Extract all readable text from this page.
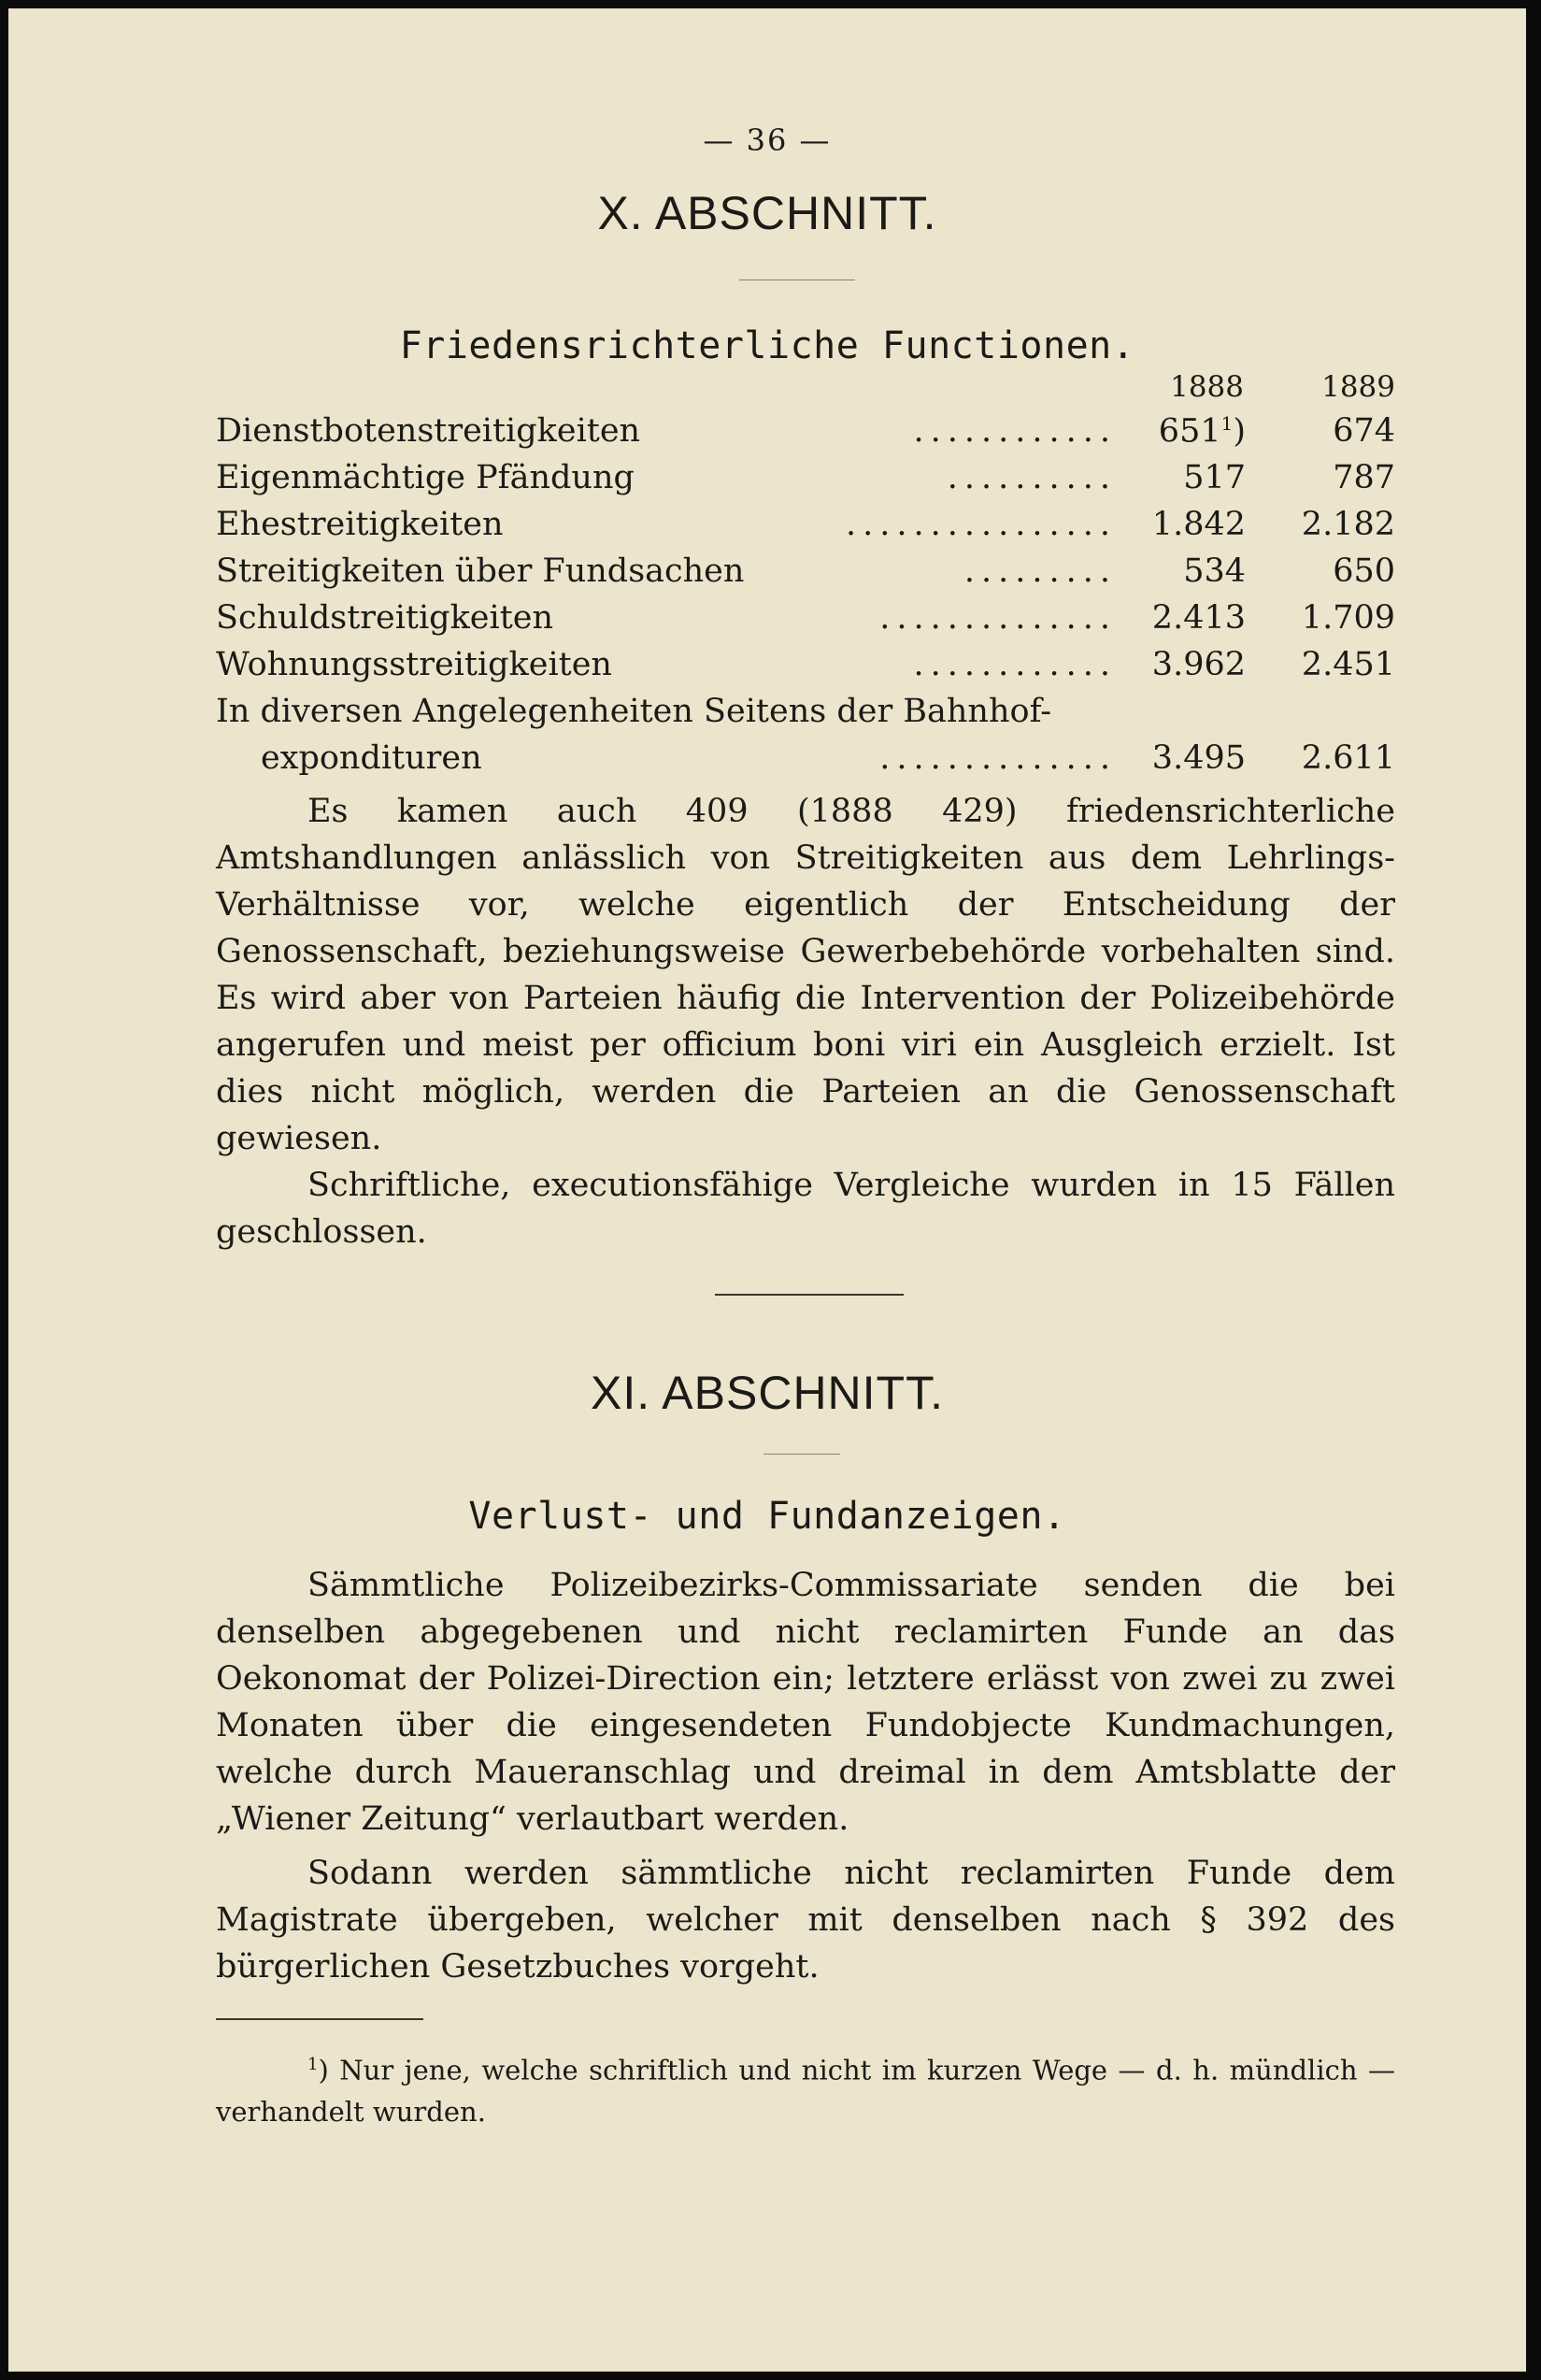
— 36 —
X. ABSCHNITT.
Friedensrichterliche Functionen.
1888	1889
Dienstbotenstreitigkeiten	............ $651^1$)	674
Eigenmächtige Pfändung	.......... 517	787
Ehestreitigkeiten	................ 1.842 2.182
Streitigkeiten über Fundsachen	......... 534	650
Schuldstreitigkeiten	.............. 2.413 1.709
Wohnungsstreitigkeiten	............ 3.962 2.451
In diversen Angelegenheiten Seitens der Bahnhof-
expondituren	.............. 3.495 2.611
Es kamen auch 409 (1888 429) friedensrichterliche Amtshandlungen anlässlich von Streitigkeiten aus dem Lehrlings-Verhältnisse vor, welche eigentlich der Entscheidung der Genossenschaft, beziehungsweise Gewerbebehörde vorbehalten sind. Es wird aber von Parteien häufig die Intervention der Polizeibehörde angerufen und meist per officium boni viri ein Ausgleich erzielt. Ist dies nicht möglich, werden die Parteien an die Genossenschaft gewiesen.
Schriftliche, executionsfähige Vergleiche wurden in 15 Fällen geschlossen.
XI. ABSCHNITT.
Verlust- und Fundanzeigen.
Sämmtliche Polizeibezirks-Commissariate senden die bei denselben abgegebenen und nicht reclamirten Funde an das Oekonomat der Polizei-Direction ein; letztere erlässt von zwei zu zwei Monaten über die eingesendeten Fundobjecte Kundmachungen, welche durch Maueranschlag und dreimal in dem Amtsblatte der „Wiener Zeitung“ verlautbart werden.
Sodann werden sämmtliche nicht reclamirten Funde dem Magistrate übergeben, welcher mit denselben nach § 392 des bürgerlichen Gesetzbuches vorgeht.
$^1$) Nur jene, welche schriftlich und nicht im kurzen Wege — d. h. mündlich — verhandelt wurden.
